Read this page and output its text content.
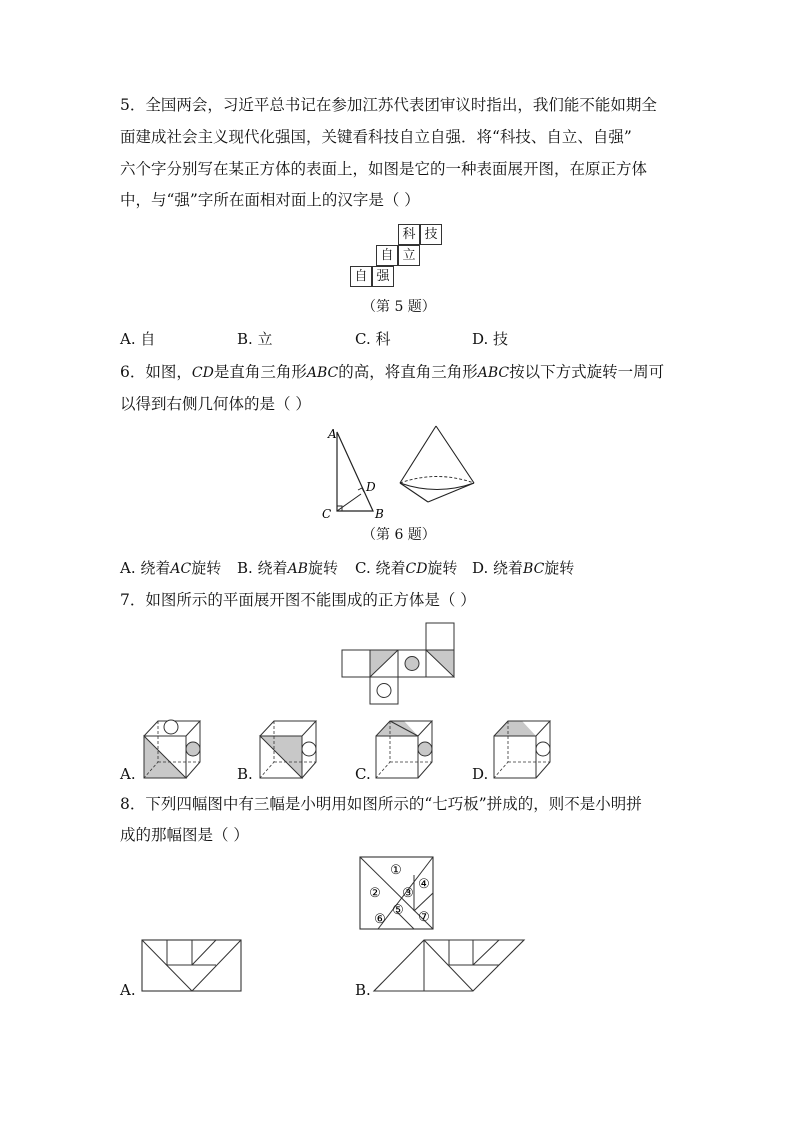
5．全国两会，习近平总书记在参加江苏代表团审议时指出，我们能不能如期全
面建成社会主义现代化强国，关键看科技自立自强．将“科技、自立、自强”
六个字分别写在某正方体的表面上，如图是它的一种表面展开图，在原正方体
中，与“强”字所在面相对面上的汉字是（ ）
科 技
自 立
自 强
（第 5 题）
A. 自	B. 立	C. 科	D. 技
6．如图，CD是直角三角形ABC的高，将直角三角形ABC按以下方式旋转一周可
以得到右侧几何体的是（ ）
A
B
C
D
（第 6 题）
A. 绕着AC旋转 B. 绕着AB旋转 C. 绕着CD旋转 D. 绕着BC旋转
7．如图所示的平面展开图不能围成的正方体是（ ）
A.	B.	C.	D.
8．下列四幅图中有三幅是小明用如图所示的“七巧板”拼成的，则不是小明拼
成的那幅图是（ ）
①
② ③
④
⑤
⑥ ⑦
A.	B.
